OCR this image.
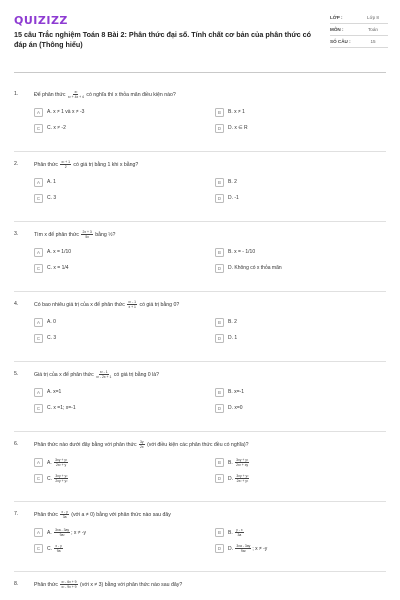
QUIZIZZ
15 câu Trắc nghiệm Toán 8 Bài 2: Phân thức đại số. Tính chất cơ bản của phân thức có đáp án (Thông hiểu)
LỚP :	Lớp 8
MÔN :	Toán
SỐ CÂU :	15
1.	Để phân thức $\frac{\text{x²}}{\text{x² + 4x + 4}}$ có nghĩa thì x thỏa mãn điều kiện nào?
A	A. x ≠ 1 và x ≠ -3	B	B. x ≠ 1
C	C. x ≠ -2	D	D. x ∈ R
2.	Phân thức $\frac{\text{x² + 1}}{2}$ có giá trị bằng 1 khi x bằng?
A	A. 1	B	B. 2
C	C. 3	D	D. -1
3.	Tìm x để phân thức $\frac{2x + 3}{5x}$ bằng ½?
A	A. x = 1/10	B	B. x = - 1/10
C	C. x = 1/4	D	D. Không có x thỏa mãn
4.	Có bao nhiêu giá trị của x để phân thức $\frac{\text{x² - 1}}{x + 1}$ có giá trị bằng 0?
A	A. 0	B	B. 2
C	C. 3	D	D. 1
5.	Giá trị của x để phân thức $\frac{\text{x² - 1}}{\text{x² - 2x + 1}}$ có giá trị bằng 0 là?
A	A. x=1	B	B. x=-1
C	C. x =1; x=-1	D	D. x=0
6.	Phân thức nào dưới đây bằng với phân thức $\frac{3y}{2x}$ (với điều kiện các phân thức đều có nghĩa)?
A	A. $\frac{\text{3xy + y²}}{\text{2x² + y}}$	B	B. $\frac{\text{3xy + y²}}{\text{2x² + xy}}$
C	C. $\frac{\text{3xy + y²}}{\text{2xy + y²}}$	D	D. $\frac{\text{3xy + y²}}{\text{2x² + y²}}$
7.	Phân thức $\frac{x - y}{3a}$ (với a ≠ 0) bằng với phân thức nào sau đây
A	A. $\frac{3xa - 3ay}{\text{9a²}}$ ; x ≠ -y	B	B. $\frac{y - x}{3a}$
C	C. $\frac{x - y}{9a}$	D	D. $\frac{3xa - 3ay}{\text{9a²}}$ ; x ≠ -y
8.	Phân thức $\frac{\text{x² - 6x + 9}}{\text{x² - 9x + 9}}$ (với x ≠ 3) bằng với phân thức nào sau đây?
